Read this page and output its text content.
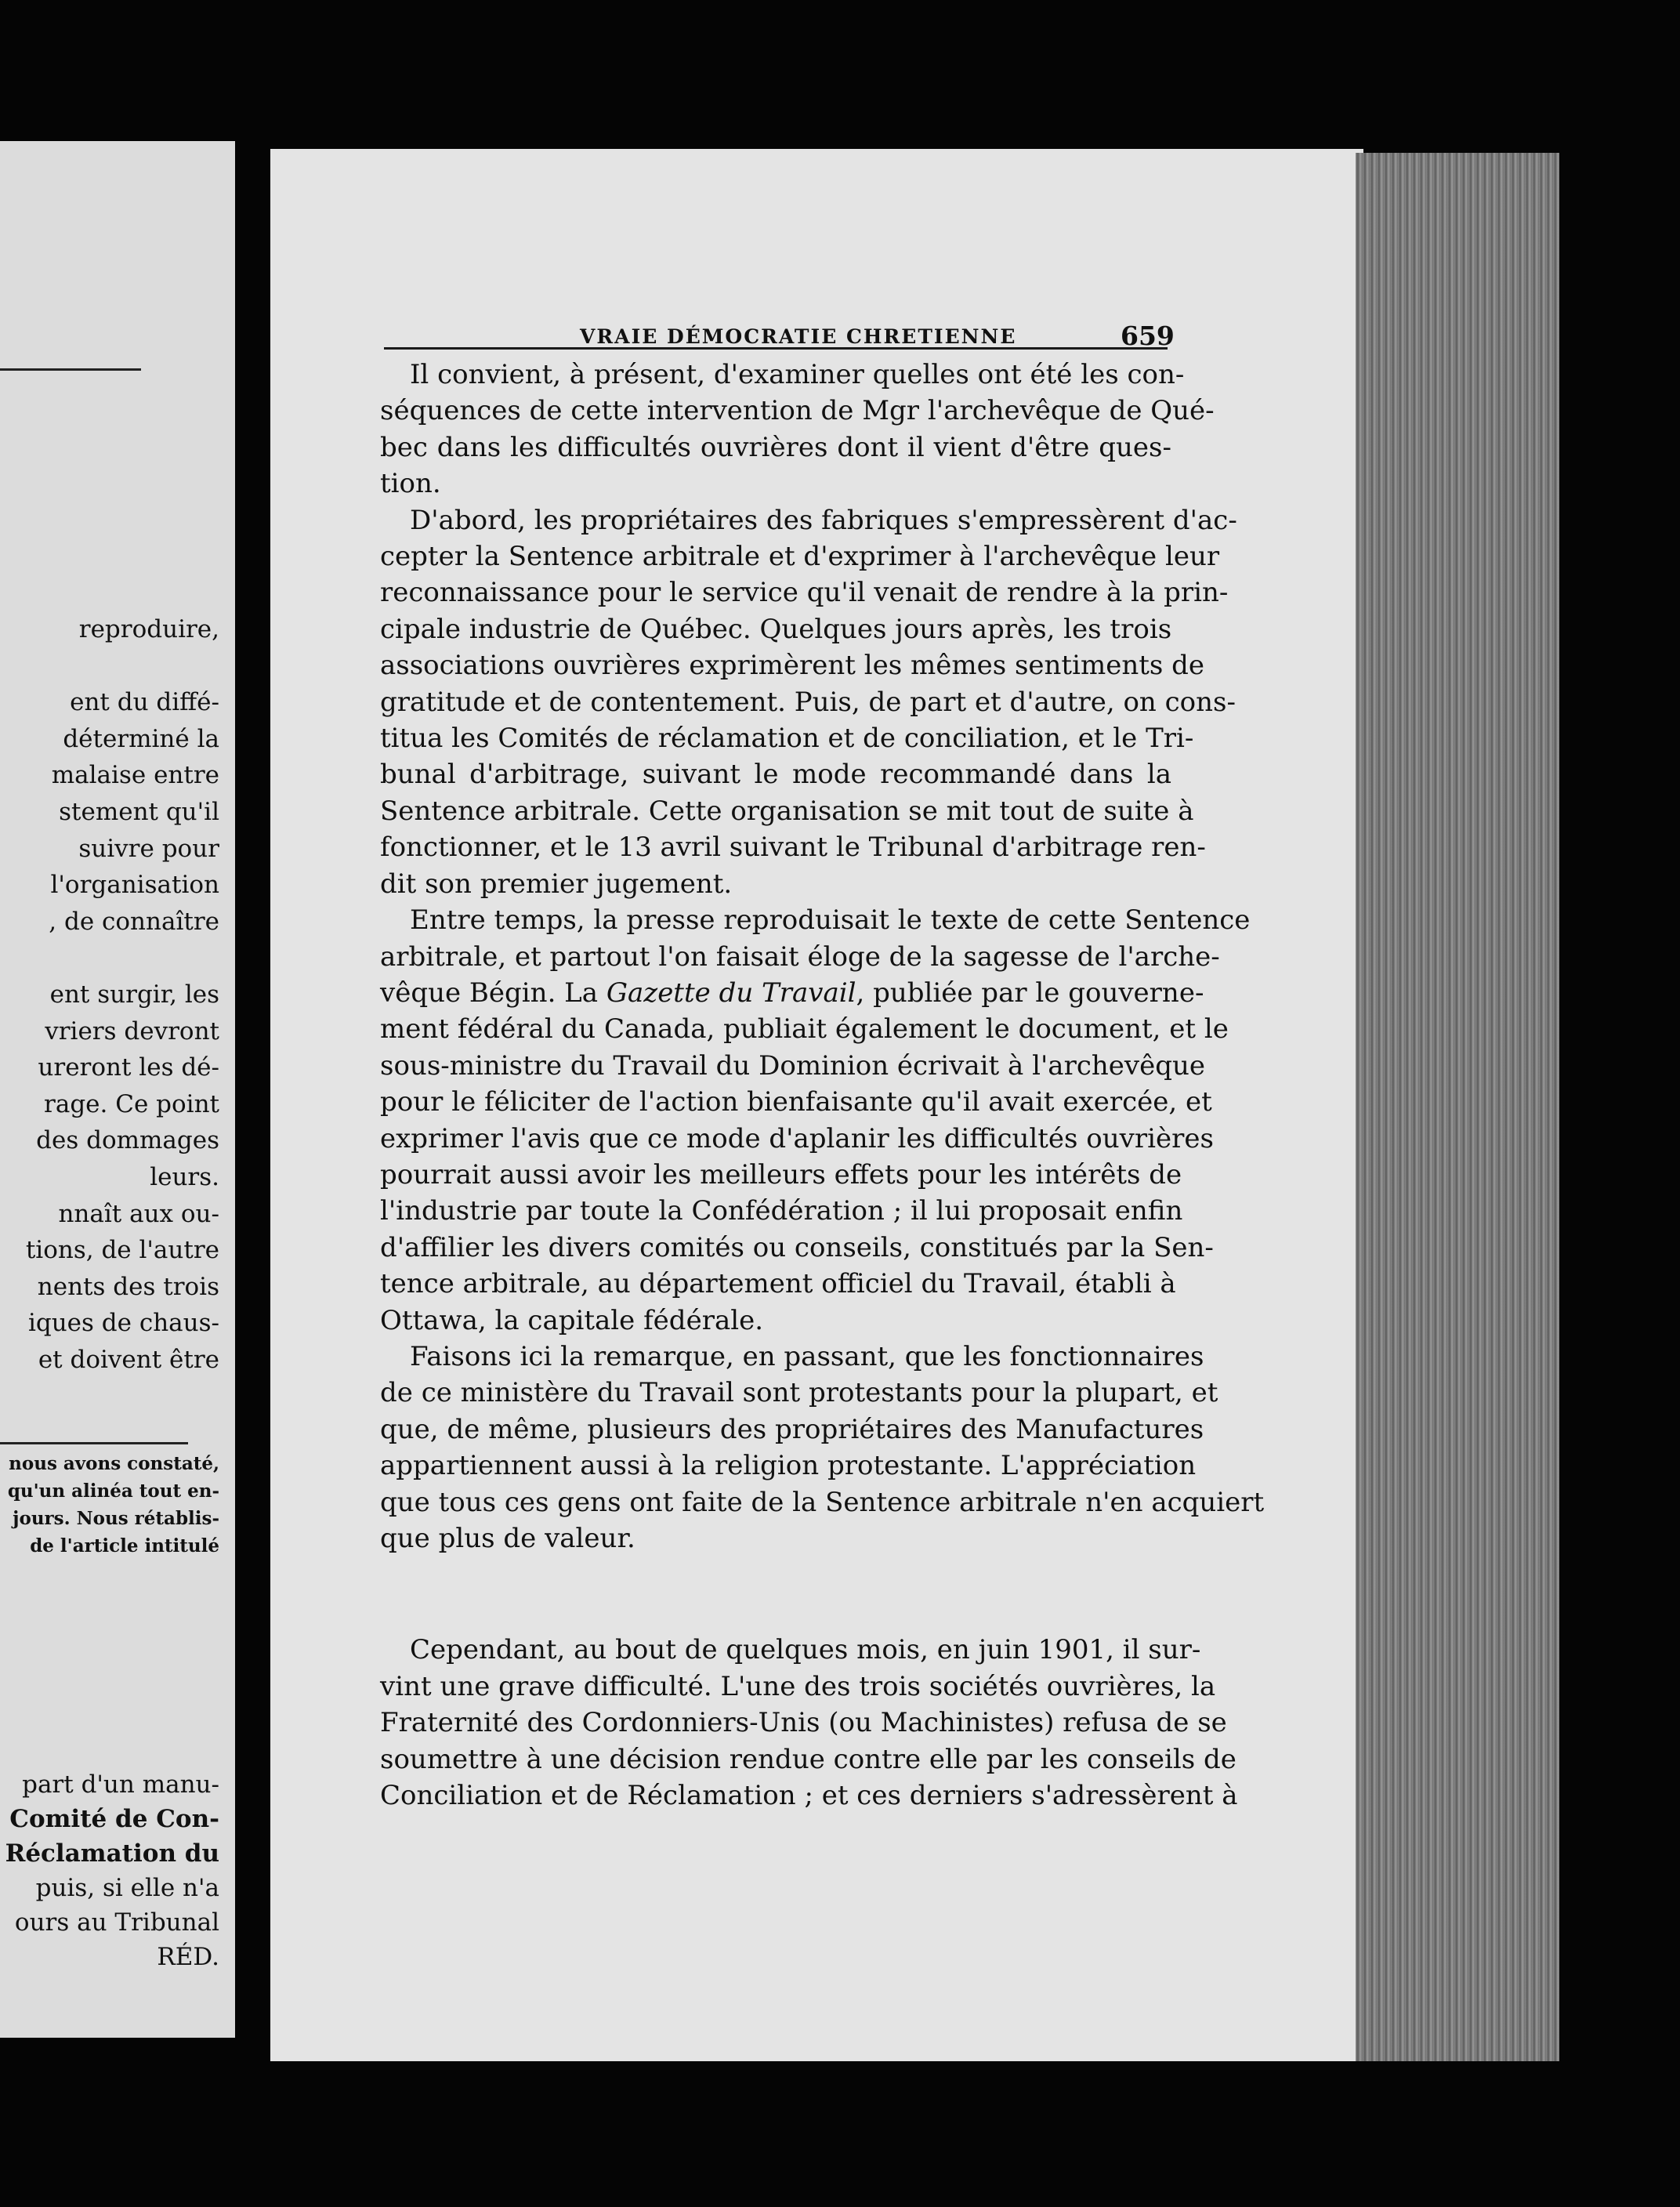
reproduire,

ent du diffé-
déterminé la
malaise entre
stement qu'il
suivre pour
l'organisation
, de connaître

ent surgir, les
vriers devront
ureront les dé-
rage. Ce point
des dommages
leurs.
nnaît aux ou-
tions, de l'autre
nents des trois
iques de chaus-
et doivent être
nous avons constaté,
qu'un alinéa tout en-
jours. Nous rétablis-
de l'article intitulé
part d'un manu-
Comité de Con-
Réclamation du
puis, si elle n'a
ours au Tribunal
RÉD.
VRAIE DÉMOCRATIE CHRETIENNE	659
Il convient, à présent, d'examiner quelles ont été les con-
séquences de cette intervention de Mgr l'archevêque de Qué-
bec dans les difficultés ouvrières dont il vient d'être ques-
tion.
D'abord, les propriétaires des fabriques s'empressèrent d'ac-
cepter la Sentence arbitrale et d'exprimer à l'archevêque leur
reconnaissance pour le service qu'il venait de rendre à la prin-
cipale industrie de Québec. Quelques jours après, les trois
associations ouvrières exprimèrent les mêmes sentiments de
gratitude et de contentement. Puis, de part et d'autre, on cons-
titua les Comités de réclamation et de conciliation, et le Tri-
bunal d'arbitrage, suivant le mode recommandé dans la
Sentence arbitrale. Cette organisation se mit tout de suite à
fonctionner, et le 13 avril suivant le Tribunal d'arbitrage ren-
dit son premier jugement.
Entre temps, la presse reproduisait le texte de cette Sentence
arbitrale, et partout l'on faisait éloge de la sagesse de l'arche-
vêque Bégin. La Gazette du Travail, publiée par le gouverne-
ment fédéral du Canada, publiait également le document, et le
sous-ministre du Travail du Dominion écrivait à l'archevêque
pour le féliciter de l'action bienfaisante qu'il avait exercée, et
exprimer l'avis que ce mode d'aplanir les difficultés ouvrières
pourrait aussi avoir les meilleurs effets pour les intérêts de
l'industrie par toute la Confédération ; il lui proposait enfin
d'affilier les divers comités ou conseils, constitués par la Sen-
tence arbitrale, au département officiel du Travail, établi à
Ottawa, la capitale fédérale.
Faisons ici la remarque, en passant, que les fonctionnaires
de ce ministère du Travail sont protestants pour la plupart, et
que, de même, plusieurs des propriétaires des Manufactures
appartiennent aussi à la religion protestante. L'appréciation
que tous ces gens ont faite de la Sentence arbitrale n'en acquiert
que plus de valeur.
Cependant, au bout de quelques mois, en juin 1901, il sur-
vint une grave difficulté. L'une des trois sociétés ouvrières, la
Fraternité des Cordonniers-Unis (ou Machinistes) refusa de se
soumettre à une décision rendue contre elle par les conseils de
Conciliation et de Réclamation ; et ces derniers s'adressèrent à
